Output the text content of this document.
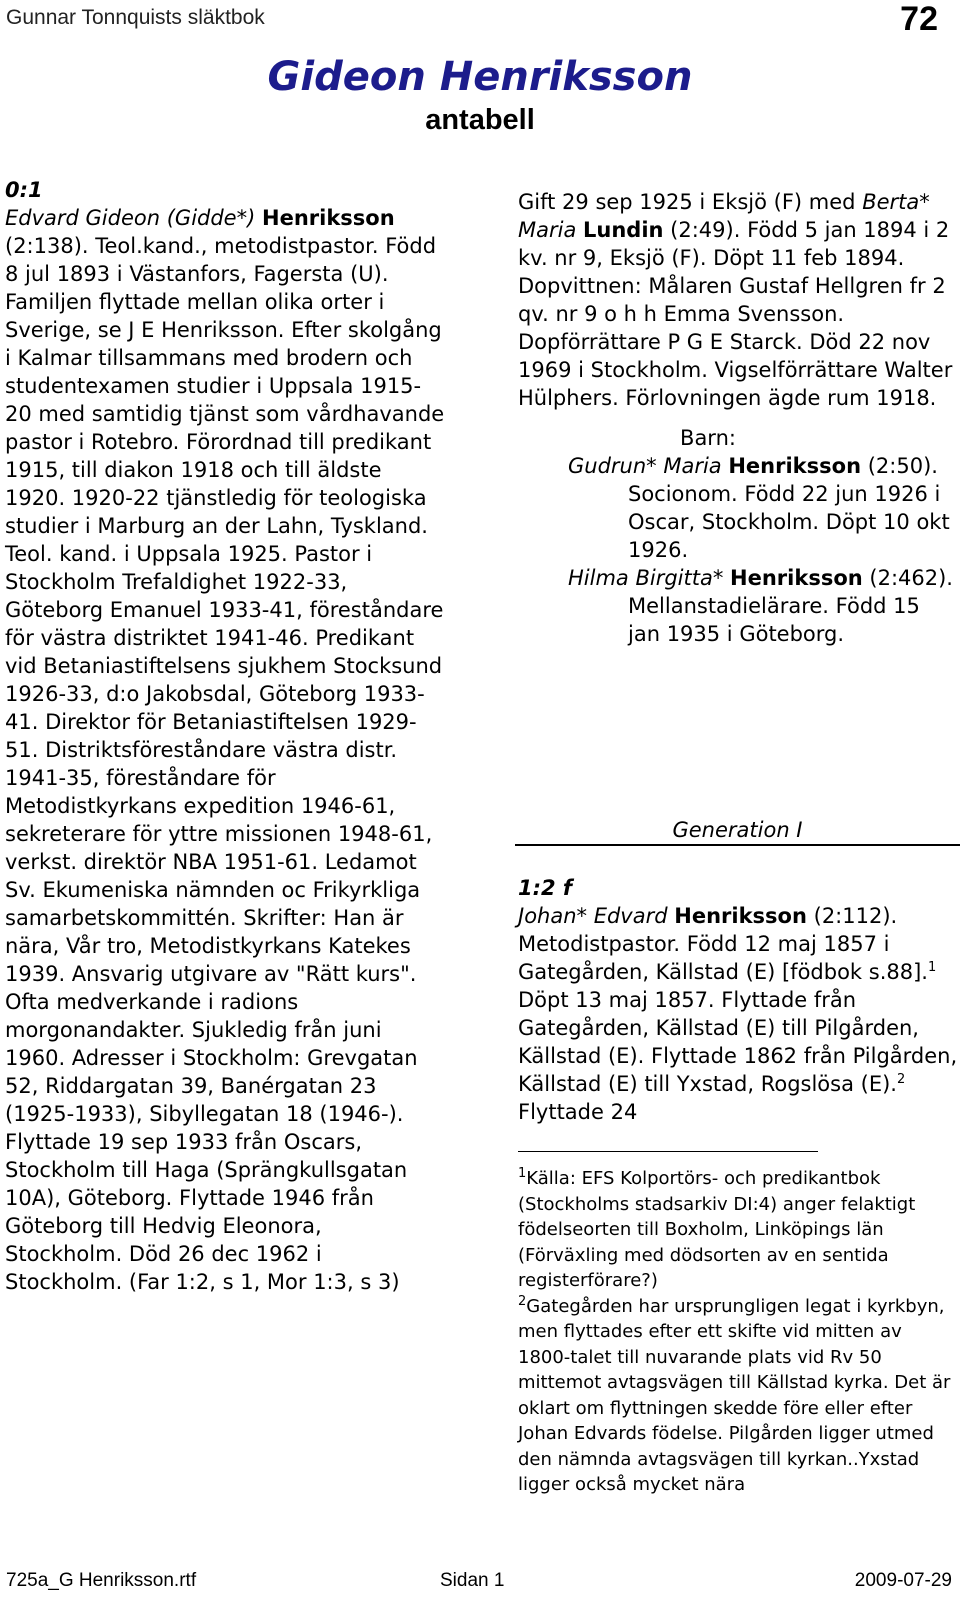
Gunnar Tonnquists släktbok	72
Gideon Henriksson
antabell
0:1

Edvard Gideon (Gidde*) Henriksson (2:138). Teol.kand., metodistpastor. Född 8 jul 1893 i Västanfors, Fagersta (U). Familjen flyttade mellan olika orter i Sverige, se J E Henriksson. Efter skolgång i Kalmar tillsammans med brodern och studentexamen studier i Uppsala 1915-20 med samtidig tjänst som vårdhavande pastor i Rotebro. Förordnad till predikant 1915, till diakon 1918 och till äldste 1920. 1920-22 tjänstledig för teologiska studier i Marburg an der Lahn, Tyskland. Teol. kand. i Uppsala 1925. Pastor i Stockholm Trefaldighet 1922-33, Göteborg Emanuel 1933-41, föreståndare för västra distriktet 1941-46. Predikant vid Betaniastiftelsens sjukhem Stocksund 1926-33, d:o Jakobsdal, Göteborg 1933-41. Direktor för Betaniastiftelsen 1929-51. Distriktsföreståndare västra distr. 1941-35, föreståndare för Metodistkyrkans expedition 1946-61, sekreterare för yttre missionen 1948-61, verkst. direktör NBA 1951-61. Ledamot Sv. Ekumeniska nämnden oc Frikyrkliga samarbetskommittén. Skrifter: Han är nära, Vår tro, Metodistkyrkans Katekes 1939. Ansvarig utgivare av "Rätt kurs". Ofta medverkande i radions morgonandakter. Sjukledig från juni 1960. Adresser i Stockholm: Grevgatan 52, Riddargatan 39, Banérgatan 23 (1925-1933), Sibyllegatan 18 (1946-). Flyttade 19 sep 1933 från Oscars, Stockholm till Haga (Sprängkullsgatan 10A), Göteborg. Flyttade 1946 från Göteborg till Hedvig Eleonora, Stockholm. Död 26 dec 1962 i Stockholm. (Far 1:2, s 1, Mor 1:3, s 3)

Gift 29 sep 1925 i Eksjö (F) med Berta* Maria Lundin (2:49). Född 5 jan 1894 i 2 kv. nr 9, Eksjö (F). Döpt 11 feb 1894. Dopvittnen: Målaren Gustaf Hellgren fr 2 qv. nr 9 o h h Emma Svensson. Dopförrättare P G E Starck. Död 22 nov 1969 i Stockholm. Vigselförrättare Walter Hülphers. Förlovningen ägde rum 1918.

Barn:

Gudrun* Maria Henriksson (2:50). Socionom. Född 22 jun 1926 i Oscar, Stockholm. Döpt 10 okt 1926.

Hilma Birgitta* Henriksson (2:462). Mellanstadielärare. Född 15 jan 1935 i Göteborg.

Generation I
1:2 f

Johan* Edvard Henriksson (2:112). Metodistpastor. Född 12 maj 1857 i Gategården, Källstad (E) [födbok s.88].$^1$ Döpt 13 maj 1857. Flyttade från Gategården, Källstad (E) till Pilgården, Källstad (E). Flyttade 1862 från Pilgården, Källstad (E) till Yxstad, Rogslösa (E).$^2$ Flyttade 24

$^1$Källa: EFS Kolportörs- och predikantbok (Stockholms stadsarkiv DI:4) anger felaktigt födelseorten till Boxholm, Linköpings län (Förväxling med dödsorten av en sentida registerförare?)

$^2$Gategården har ursprungligen legat i kyrkbyn, men flyttades efter ett skifte vid mitten av 1800-talet till nuvarande plats vid Rv 50 mittemot avtagsvägen till Källstad kyrka. Det är oklart om flyttningen skedde före eller efter Johan Edvards födelse. Pilgården ligger utmed den nämnda avtagsvägen till kyrkan..Yxstad ligger också mycket nära

725a_G Henriksson.rtf	Sidan 1	2009-07-29
